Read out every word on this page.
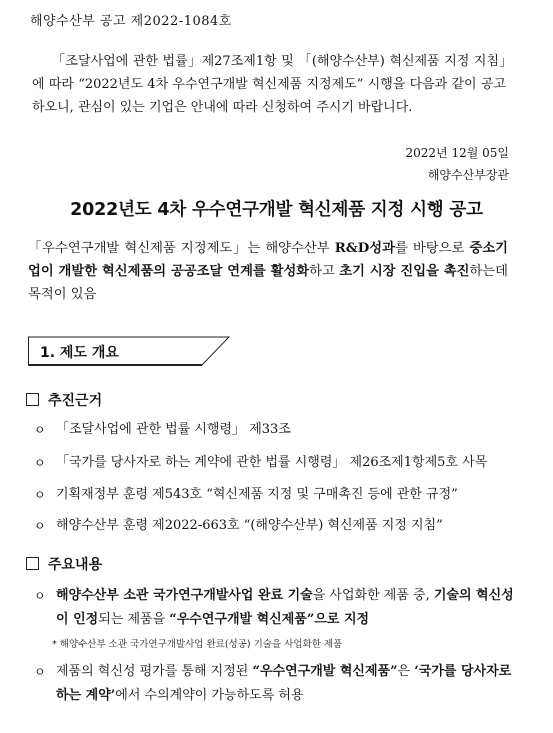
해양수산부 공고 제2022-1084호
「조달사업에 관한 법률」제27조제1항 및 「(해양수산부) 혁신제품 지정 지침」에 따라 “2022년도 4차 우수연구개발 혁신제품 지정제도” 시행을 다음과 같이 공고하오니, 관심이 있는 기업은 안내에 따라 신청하여 주시기 바랍니다.
2022년 12월 05일
해양수산부장관
2022년도 4차 우수연구개발 혁신제품 지정 시행 공고
「우수연구개발 혁신제품 지정제도」는 해양수산부 R&D성과를 바탕으로 중소기업이 개발한 혁신제품의 공공조달 연계를 활성화하고 초기 시장 진입을 촉진하는데 목적이 있음
1. 제도 개요
추진근거
ㅇ 「조달사업에 관한 법률 시행령」 제33조
ㅇ 「국가를 당사자로 하는 계약에 관한 법률 시행령」 제26조제1항제5호 사목
ㅇ 기획재정부 훈령 제543호 “혁신제품 지정 및 구매촉진 등에 관한 규정”
ㅇ 해양수산부 훈령 제2022-663호 “(해양수산부) 혁신제품 지정 지침”
주요내용
ㅇ 해양수산부 소관 국가연구개발사업 완료 기술을 사업화한 제품 중, 기술의 혁신성이 인정되는 제품을 “우수연구개발 혁신제품”으로 지정
* 해양수산부 소관 국가연구개발사업 완료(성공) 기술을 사업화한 제품
ㅇ 제품의 혁신성 평가를 통해 지정된 “우수연구개발 혁신제품”은 ‘국가를 당사자로 하는 계약’에서 수의계약이 가능하도록 허용
